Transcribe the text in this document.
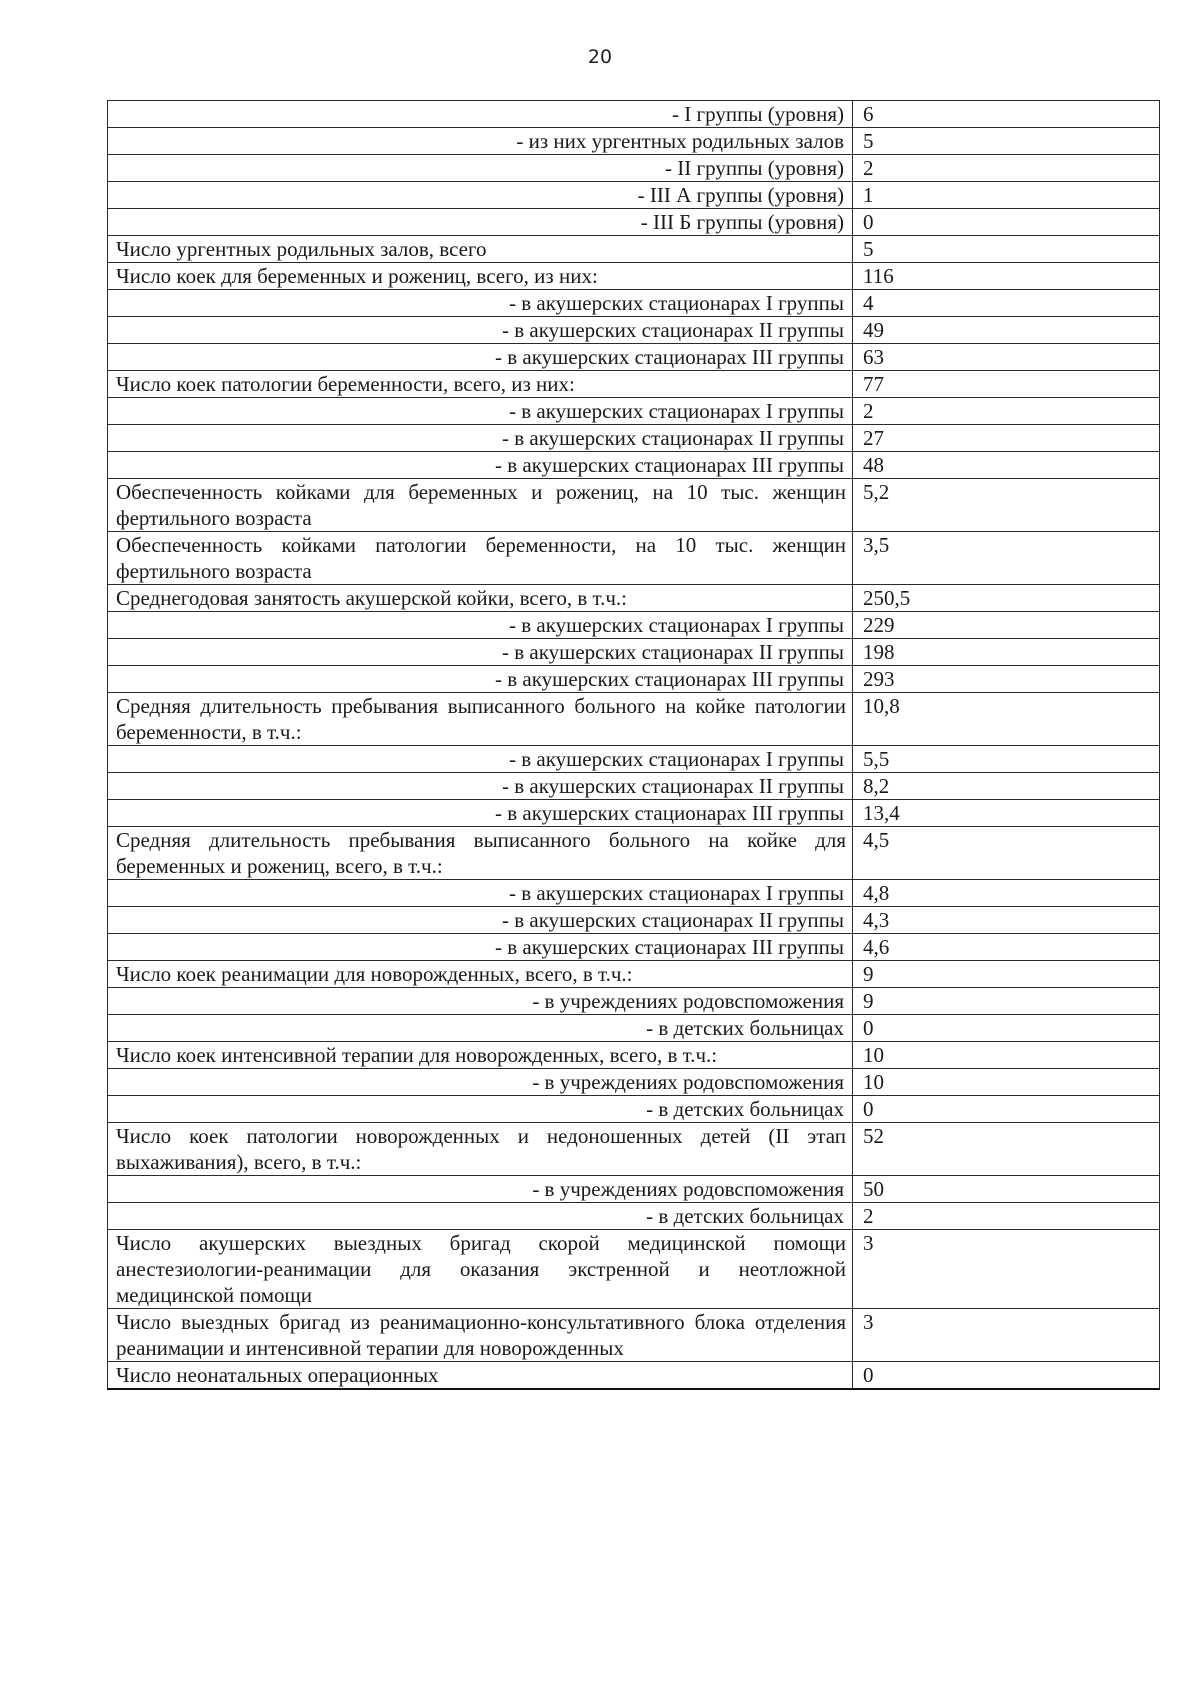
20
- I группы (уровня)	6
- из них ургентных родильных залов	5
- II группы (уровня)	2
- III А группы (уровня)	1
- III Б группы (уровня)	0
Число ургентных родильных залов, всего	5
Число коек для беременных и рожениц, всего, из них:	116
- в акушерских стационарах I группы	4
- в акушерских стационарах II группы	49
- в акушерских стационарах III группы	63
Число коек патологии беременности, всего, из них:	77
- в акушерских стационарах I группы	2
- в акушерских стационарах II группы	27
- в акушерских стационарах III группы	48
Обеспеченность койками для беременных и рожениц, на 10 тыс. женщин фертильного возраста	5,2
Обеспеченность койками патологии беременности, на 10 тыс. женщин фертильного возраста	3,5
Среднегодовая занятость акушерской койки, всего, в т.ч.:	250,5
- в акушерских стационарах I группы	229
- в акушерских стационарах II группы	198
- в акушерских стационарах III группы	293
Средняя длительность пребывания выписанного больного на койке патологии беременности, в т.ч.:	10,8
- в акушерских стационарах I группы	5,5
- в акушерских стационарах II группы	8,2
- в акушерских стационарах III группы	13,4
Средняя длительность пребывания выписанного больного на койке для беременных и рожениц, всего, в т.ч.:	4,5
- в акушерских стационарах I группы	4,8
- в акушерских стационарах II группы	4,3
- в акушерских стационарах III группы	4,6
Число коек реанимации для новорожденных, всего, в т.ч.:	9
- в учреждениях родовспоможения	9
- в детских больницах	0
Число коек интенсивной терапии для новорожденных, всего, в т.ч.:	10
- в учреждениях родовспоможения	10
- в детских больницах	0
Число коек патологии новорожденных и недоношенных детей (II этап выхаживания), всего, в т.ч.:	52
- в учреждениях родовспоможения	50
- в детских больницах	2
Число акушерских выездных бригад скорой медицинской помощи анестезиологии-реанимации для оказания экстренной и неотложной медицинской помощи	3
Число выездных бригад из реанимационно-консультативного блока отделения реанимации и интенсивной терапии для новорожденных	3
Число неонатальных операционных	0
